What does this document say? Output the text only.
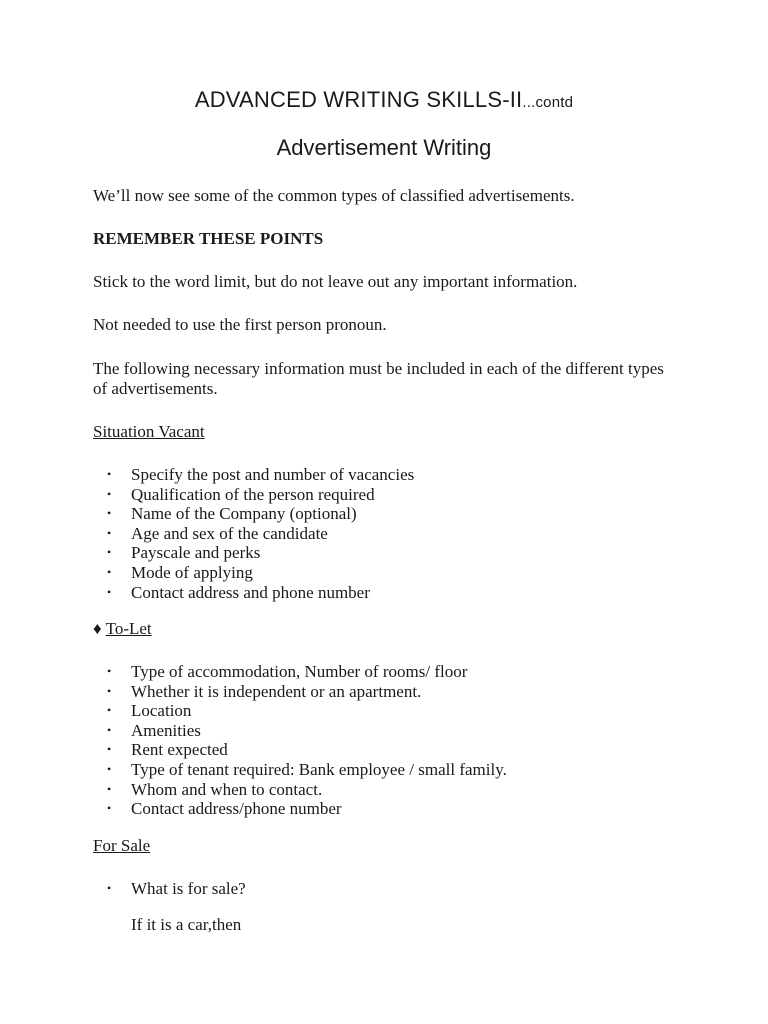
ADVANCED WRITING SKILLS-II...contd
Advertisement Writing
We’ll now see some of the common types of classified advertisements.
REMEMBER THESE POINTS
Stick to the word limit, but do not leave out any important information.
Not needed to use the first person pronoun.
The following necessary information must be included in each of the different types of advertisements.
Situation Vacant
• Specify the post and number of vacancies
• Qualification of the person required
• Name of the Company (optional)
• Age and sex of the candidate
• Payscale and perks
• Mode of applying
• Contact address and phone number
♦ To-Let
• Type of accommodation, Number of rooms/ floor
• Whether it is independent or an apartment.
• Location
• Amenities
• Rent expected
• Type of tenant required: Bank employee / small family.
• Whom and when to contact.
• Contact address/phone number
For Sale
• What is for sale?
If it is a car,then
